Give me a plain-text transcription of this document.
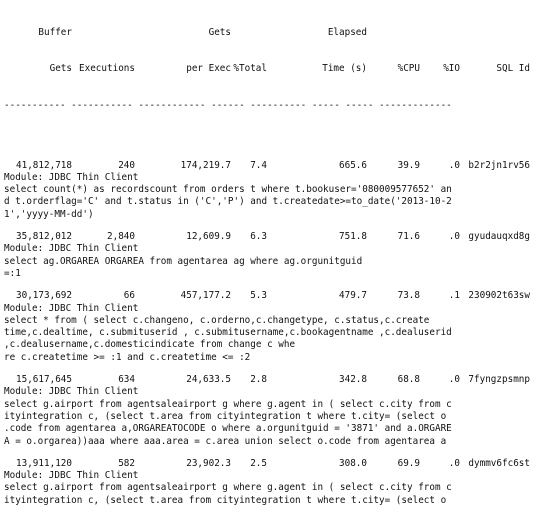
Buffer	Gets	Elapsed

Gets Executions	per Exec %Total	Time (s)	%CPU %IO	SQL Id

----------- ----------- ------------ ------ ---------- ----- ----- -------------

41,812,718	240	174,219.7 7.4	665.6	39.9	.0 b2r2jn1rv56
Module: JDBC Thin Client
select count(*) as recordscount from orders t where t.bookuser='080009577652' an
d t.orderflag='C' and t.status in ('C','P') and t.createdate>=to_date('2013-10-2
1','yyyy-MM-dd')
35,812,012	2,840	12,609.9 6.3	751.8	71.6	.0 gyudauqxd8g
Module: JDBC Thin Client
select ag.ORGAREA ORGAREA from agentarea ag where ag.orgunitguid
=:1
30,173,692	66	457,177.2 5.3	479.7	73.8	.1 230902t63sw
Module: JDBC Thin Client
select * from ( select c.changeno, c.orderno,c.changetype, c.status,c.create
time,c.dealtime, c.submituserid , c.submitusername,c.bookagentname ,c.dealuserid
,c.dealusername,c.domesticindicate from change c whe
re c.createtime >= :1 and c.createtime <= :2
15,617,645	634	24,633.5 2.8	342.8	68.8	.0 7fyngzpsmnp
Module: JDBC Thin Client
select g.airport from agentsaleairport g where g.agent in ( select c.city from c
ityintegration c, (select t.area from cityintegration t where t.city= (select o
.code from agentarea a,ORGAREATOCODE o where a.orgunitguid = '3871' and a.ORGARE
A = o.orgarea))aaa where aaa.area = c.area union select o.code from agentarea a
13,911,120	582	23,902.3 2.5	308.0	69.9	.0 dymmv6fc6st
Module: JDBC Thin Client
select g.airport from agentsaleairport g where g.agent in ( select c.city from c
ityintegration c, (select t.area from cityintegration t where t.city= (select o
